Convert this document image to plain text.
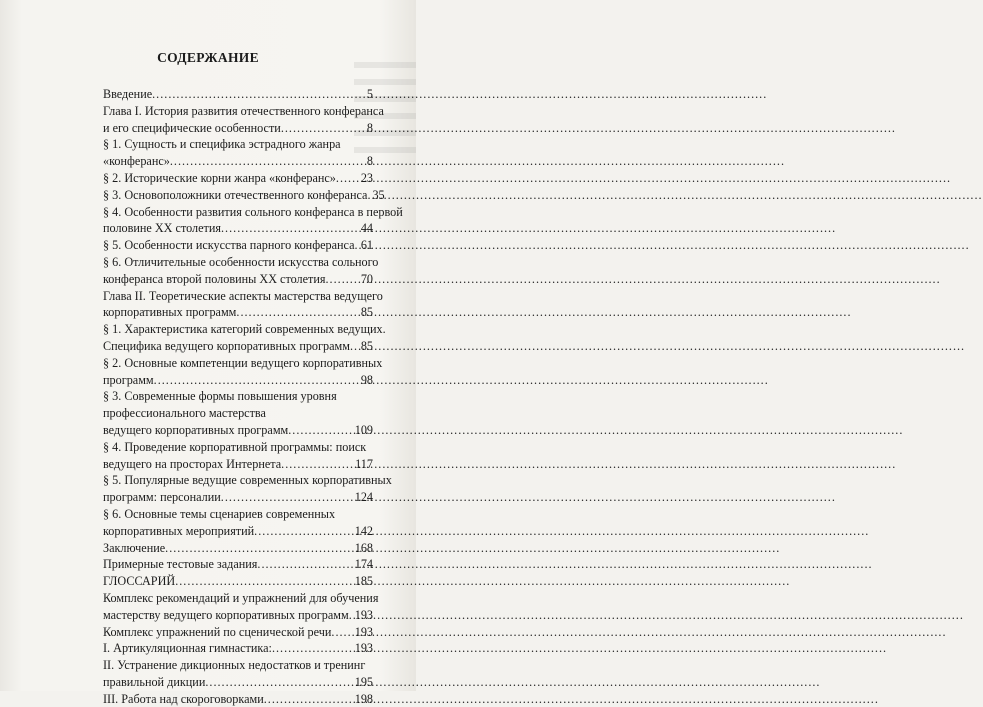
СОДЕРЖАНИЕ
Введение .....	5
Глава I. История развития отечественного конферанса
и его специфические особенности .....	8
§ 1. Сущность и специфика эстрадного жанра
«конферанс» .....	8
§ 2. Исторические корни жанра «конферанс» ..... 23
§ 3. Основоположники отечественного конферанса ..... 35
§ 4. Особенности развития сольного конферанса в первой
половине ХХ столетия .....	44
§ 5. Особенности искусства парного конферанса ..... 61
§ 6. Отличительные особенности искусства сольного
конферанса второй половины ХХ столетия .....	70
Глава II. Теоретические аспекты мастерства ведущего
корпоративных программ .....	85
§ 1. Характеристика категорий современных ведущих.
Специфика ведущего корпоративных программ ..... 85
§ 2. Основные компетенции ведущего корпоративных
программ .....	98
§ 3. Современные формы повышения уровня
профессионального мастерства
ведущего корпоративных программ .....	109
§ 4. Проведение корпоративной программы: поиск
ведущего на просторах Интернета .....	117
§ 5. Популярные ведущие современных корпоративных
программ: персоналии .....	124
§ 6. Основные темы сценариев современных
корпоративных мероприятий .....	142
Заключение .....	168
Примерные тестовые задания .....	174
ГЛОССАРИЙ .....	185
Комплекс рекомендаций и упражнений для обучения
мастерству ведущего корпоративных программ ..... 193
Комплекс упражнений по сценической речи ..... 193
I. Артикуляционная гимнастика: .....	193
II. Устранение дикционных недостатков и тренинг
правильной дикции .....	195
III. Работа над скороговорками .....	198
